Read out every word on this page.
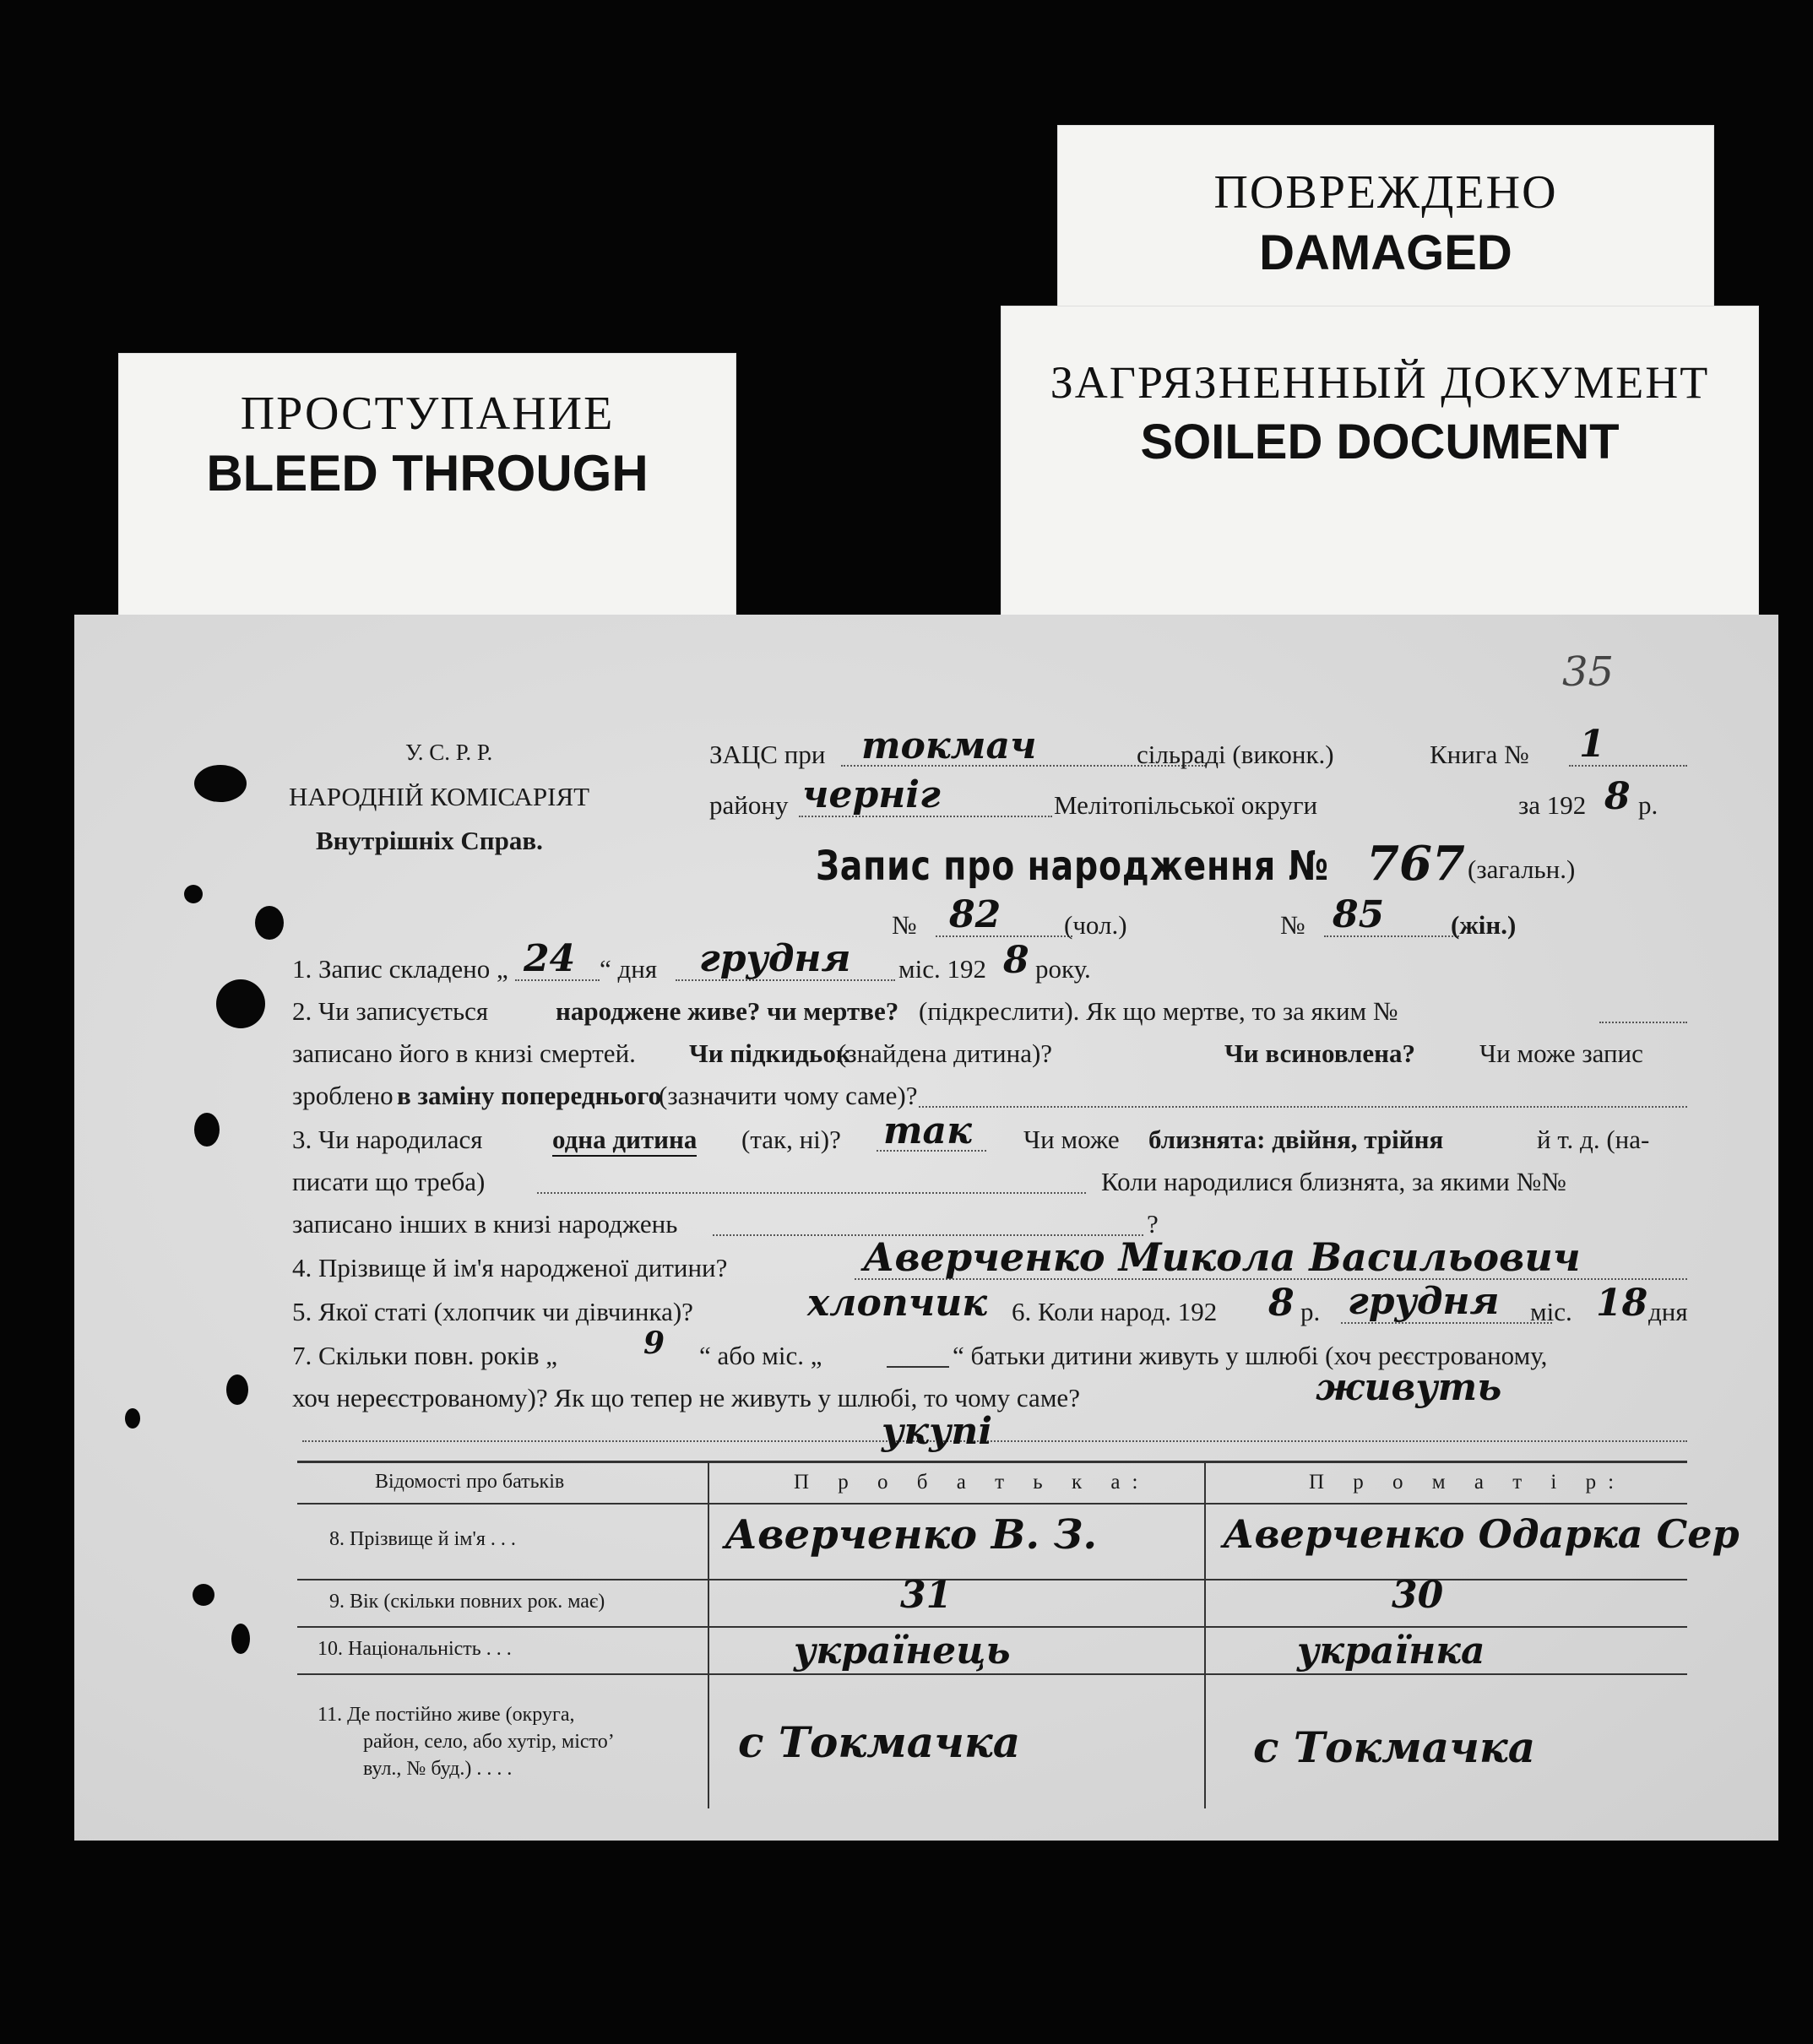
ПОВРЕЖДЕНО
DAMAGED
ЗАГРЯЗНЕННЫЙ ДОКУМЕНТ
SOILED DOCUMENT
ПРОСТУПАНИЕ
BLEED THROUGH
35
У. С. Р. Р.
НАРОДНІЙ КОМІСАРІЯТ
Внутрішніх Справ.
ЗАЦС при токмач	сільраді (виконк.)	Книга № 1
району черніг	Мелітопільської округи	за 192 8 р.
Запис про народження № 767 (загальн.)
№ 82 (чол.)	№ 85	(жін.)
1. Запис складено „ 24 “ дня грудня міс. 192 8 року.
2. Чи записується	народжене живе? чи мертве? (підкреслити). Як що мертве, то за яким №
записано його в книзі смертей. Чи підкидьок
(знайдена дитина)?	Чи всиновлена? Чи може запис
зроблено в заміну попереднього
(зазначити чому саме)?
3. Чи народилася	одна дитина (так, ні)? так Чи може близнята: двійня, трійня	й т. д. (на-
писати що треба)	Коли народилися близнята, за якими №№
записано інших в книзі народжень	?
4. Прізвище й ім'я народженої дитини?	Аверченко Микола Васильович
5. Якої статі (хлопчик чи дівчинка)?	хлопчик 6. Коли народ. 192 8 р. грудня міс. 18 дня
7. Скільки повн. років „	9 “ або міс. „	“ батьки дитини живуть у шлюбі (хоч реєстрованому,
хоч нереєстрованому)? Як що тепер не живуть у шлюбі, то чому саме?	живуть
укупі
Відомості про батьків	П р о б а т ь к а:	П р о м а т і р:
8. Прізвище й ім'я . . .	Аверченко В. З.	Аверченко Одарка Сер
9. Вік (скільки повних рок. має)	31	30
10. Національність . . .	українець	українка
11. Де постійно живе (округа,
район, село, або хутір, місто’
вул., № буд.) . . . .
с Токмачка	с Токмачка
